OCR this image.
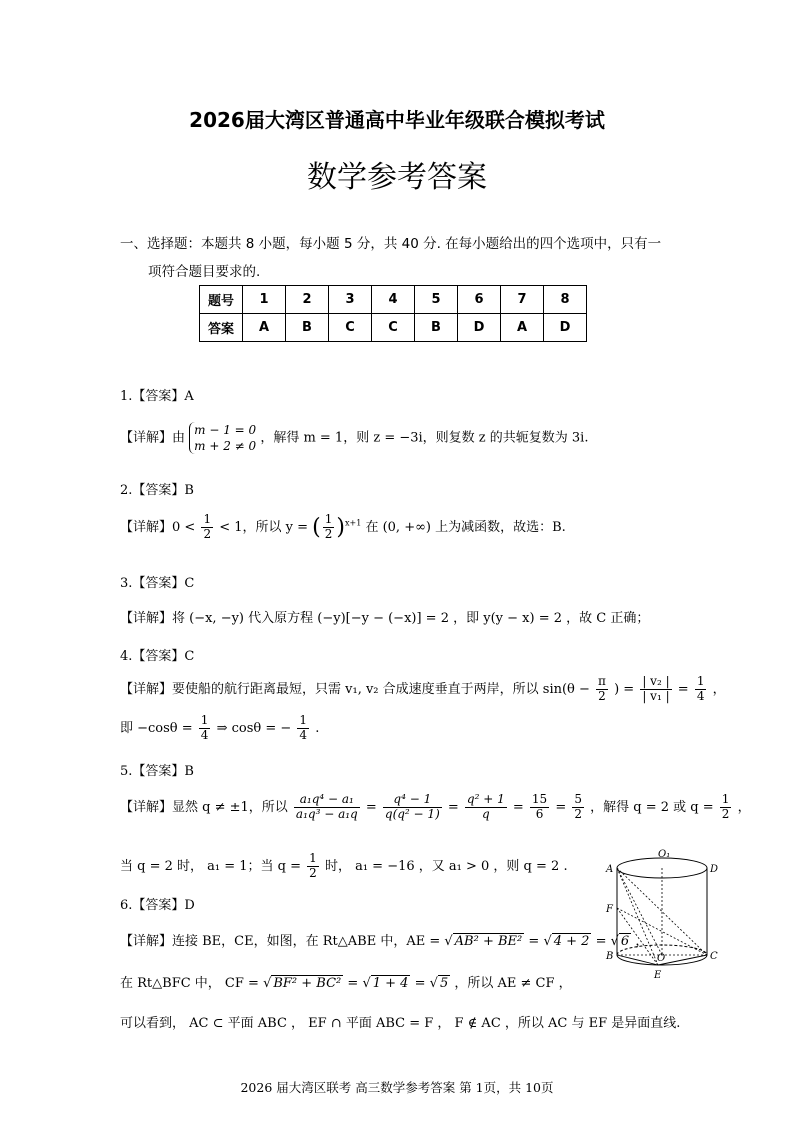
2026届大湾区普通高中毕业年级联合模拟考试
数学参考答案
一、选择题：本题共 8 小题，每小题 5 分，共 40 分. 在每小题给出的四个选项中，只有一
项符合题目要求的.
题号	1	2	3	4	5	6	7	8
答案	A	B	C	C	B	D	A	D
1.【答案】A
【详解】由
m − 1 = 0
m + 2 ≠ 0
，解得 m = 1，则 z = −3i，则复数 z 的共轭复数为 3i.
2.【答案】B
【详解】$0 < \frac{1}{2} < 1$，所以 y = ( $\frac{1}{2} )^{x+1}$ 在 (0, +∞) 上为减函数，故选：B.
3.【答案】C
【详解】将 (−x, −y) 代入原方程 (−y)[−y − (−x)] = 2 ，即 y(y − x) = 2 ，故 C 正确；
4.【答案】C
【详解】要使船的航行距离最短，只需 v₁, v₂ 合成速度垂直于两岸，所以 $\sin(\theta - \frac{\pi}{2}$ ) = $\frac{\text{| v₂ |}}{\text{| v₁ |}} = \frac{1}{4}$ ，
即 $-\cos\theta = \frac{1}{4}$ ⇒ cosθ = − $\frac{1}{4}$ .
5.【答案】B
【详解】显然 q ≠ ±1，所以 $\frac{\text{a₁q⁴ − a₁}}{\text{a₁q³ − a₁q}} = \frac{\text{q⁴ − 1}}{\text{q(q² − 1)}} = \frac{\text{q² + 1}}{q} = \frac{15}{6} = \frac{5}{2}$ ，解得 q = 2 或 $q = \frac{1}{2}$ ，
当 q = 2 时， a₁ = 1；当 $q = \frac{1}{2}$ 时， a₁ = −16 ，又 a₁ > 0 ，则 q = 2 .
6.【答案】D
【详解】连接 BE，CE，如图，在 Rt△ABE 中，AE = √ AB² + BE² = √ 4 + 2 = √ 6 ，
在 Rt△BFC 中， CF = √ BF² + BC² = √ 1 + 4 = √ 5 ，所以 AE ≠ CF ，
可以看到， AC ⊂ 平面 ABC ， EF ∩ 平面 ABC = F ， F ∉ AC ，所以 AC 与 EF 是异面直线.
O₁
A	D
F
B	O	C
E
2026 届大湾区联考 高三数学参考答案 第 1页，共 10页
